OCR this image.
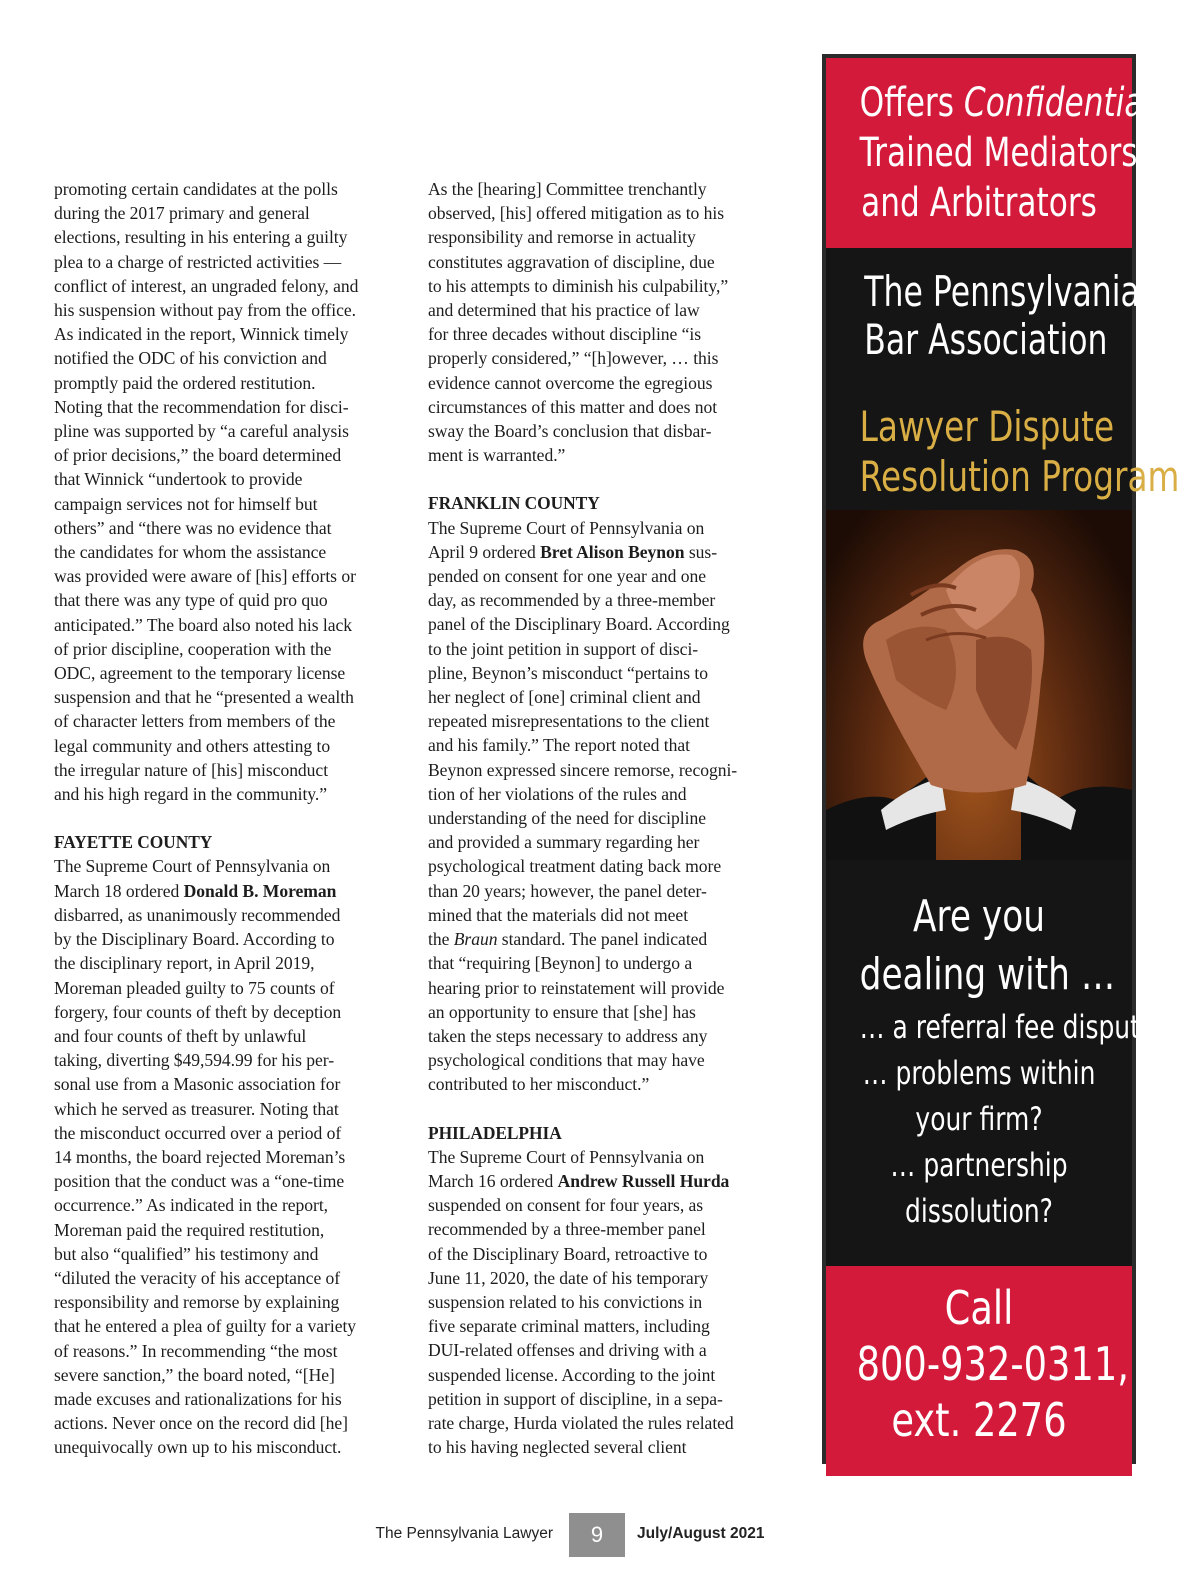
promoting certain candidates at the polls
during the 2017 primary and general
elections, resulting in his entering a guilty
plea to a charge of restricted activities —
conflict of interest, an ungraded felony, and
his suspension without pay from the office.
As indicated in the report, Winnick timely
notified the ODC of his conviction and
promptly paid the ordered restitution.
Noting that the recommendation for disci-
pline was supported by “a careful analysis
of prior decisions,” the board determined
that Winnick “undertook to provide
campaign services not for himself but
others” and “there was no evidence that
the candidates for whom the assistance
was provided were aware of [his] efforts or
that there was any type of quid pro quo
anticipated.” The board also noted his lack
of prior discipline, cooperation with the
ODC, agreement to the temporary license
suspension and that he “presented a wealth
of character letters from members of the
legal community and others attesting to
the irregular nature of [his] misconduct
and his high regard in the community.”
FAYETTE COUNTY
The Supreme Court of Pennsylvania on
March 18 ordered Donald B. Moreman
disbarred, as unanimously recommended
by the Disciplinary Board. According to
the disciplinary report, in April 2019,
Moreman pleaded guilty to 75 counts of
forgery, four counts of theft by deception
and four counts of theft by unlawful
taking, diverting $49,594.99 for his per-
sonal use from a Masonic association for
which he served as treasurer. Noting that
the misconduct occurred over a period of
14 months, the board rejected Moreman’s
position that the conduct was a “one-time
occurrence.” As indicated in the report,
Moreman paid the required restitution,
but also “qualified” his testimony and
“diluted the veracity of his acceptance of
responsibility and remorse by explaining
that he entered a plea of guilty for a variety
of reasons.” In recommending “the most
severe sanction,” the board noted, “[He]
made excuses and rationalizations for his
actions. Never once on the record did [he]
unequivocally own up to his misconduct.
As the [hearing] Committee trenchantly
observed, [his] offered mitigation as to his
responsibility and remorse in actuality
constitutes aggravation of discipline, due
to his attempts to diminish his culpability,”
and determined that his practice of law
for three decades without discipline “is
properly considered,” “[h]owever, … this
evidence cannot overcome the egregious
circumstances of this matter and does not
sway the Board’s conclusion that disbar-
ment is warranted.”
FRANKLIN COUNTY
The Supreme Court of Pennsylvania on
April 9 ordered Bret Alison Beynon sus-
pended on consent for one year and one
day, as recommended by a three-member
panel of the Disciplinary Board. According
to the joint petition in support of disci-
pline, Beynon’s misconduct “pertains to
her neglect of [one] criminal client and
repeated misrepresentations to the client
and his family.” The report noted that
Beynon expressed sincere remorse, recogni-
tion of her violations of the rules and
understanding of the need for discipline
and provided a summary regarding her
psychological treatment dating back more
than 20 years; however, the panel deter-
mined that the materials did not meet
the Braun standard. The panel indicated
that “requiring [Beynon] to undergo a
hearing prior to reinstatement will provide
an opportunity to ensure that [she] has
taken the steps necessary to address any
psychological conditions that may have
contributed to her misconduct.”
PHILADELPHIA
The Supreme Court of Pennsylvania on
March 16 ordered Andrew Russell Hurda
suspended on consent for four years, as
recommended by a three-member panel
of the Disciplinary Board, retroactive to
June 11, 2020, the date of his temporary
suspension related to his convictions in
five separate criminal matters, including
DUI-related offenses and driving with a
suspended license. According to the joint
petition in support of discipline, in a sepa-
rate charge, Hurda violated the rules related
to his having neglected several client
Offers Confidential,
Trained Mediators
and Arbitrators
The Pennsylvania
Bar Association
Lawyer Dispute
Resolution Program
Are you
dealing with …
… a referral fee dispute?
… problems within
your firm?
… partnership
dissolution?
Call
800-932-0311,
ext. 2276
The Pennsylvania Lawyer	9	July/August 2021
